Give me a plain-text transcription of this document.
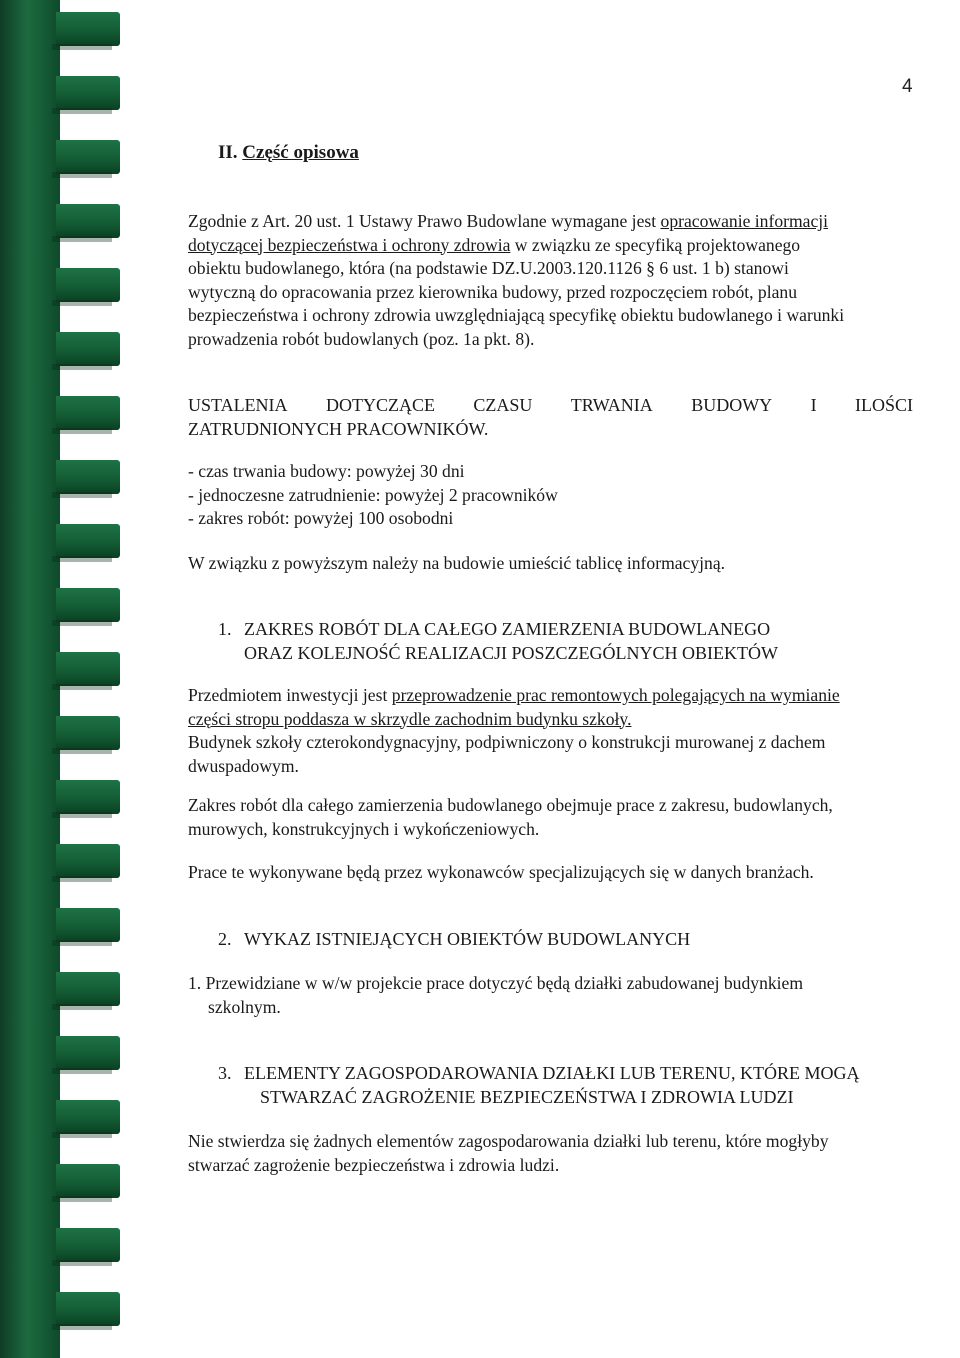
4
II. Część opisowa
Zgodnie z Art. 20 ust. 1 Ustawy Prawo Budowlane wymagane jest opracowanie informacji
dotyczącej bezpieczeństwa i ochrony zdrowia w związku ze specyfiką projektowanego
obiektu budowlanego, która (na podstawie DZ.U.2003.120.1126 § 6 ust. 1 b) stanowi
wytyczną do opracowania przez kierownika budowy, przed rozpoczęciem robót, planu
bezpieczeństwa i ochrony zdrowia uwzględniającą specyfikę obiektu budowlanego i warunki
prowadzenia robót budowlanych (poz. 1a pkt. 8).
USTALENIA DOTYCZĄCE CZASU TRWANIA BUDOWY I ILOŚCI
ZATRUDNIONYCH PRACOWNIKÓW.
- czas trwania budowy: powyżej 30 dni
- jednoczesne zatrudnienie: powyżej 2 pracowników
- zakres robót: powyżej 100 osobodni
W związku z powyższym należy na budowie umieścić tablicę informacyjną.
1. ZAKRES ROBÓT DLA CAŁEGO ZAMIERZENIA BUDOWLANEGO
ORAZ KOLEJNOŚĆ REALIZACJI POSZCZEGÓLNYCH OBIEKTÓW
Przedmiotem inwestycji jest przeprowadzenie prac remontowych polegających na wymianie
części stropu poddasza w skrzydle zachodnim budynku szkoły.
Budynek szkoły czterokondygnacyjny, podpiwniczony o konstrukcji murowanej z dachem
dwuspadowym.
Zakres robót dla całego zamierzenia budowlanego obejmuje prace z zakresu, budowlanych,
murowych, konstrukcyjnych i wykończeniowych.
Prace te wykonywane będą przez wykonawców specjalizujących się w danych branżach.
2. WYKAZ ISTNIEJĄCYCH OBIEKTÓW BUDOWLANYCH
1. Przewidziane w w/w projekcie prace dotyczyć będą działki zabudowanej budynkiem
szkolnym.
3. ELEMENTY ZAGOSPODAROWANIA DZIAŁKI LUB TERENU, KTÓRE MOGĄ
STWARZAĆ ZAGROŻENIE BEZPIECZEŃSTWA I ZDROWIA LUDZI
Nie stwierdza się żadnych elementów zagospodarowania działki lub terenu, które mogłyby
stwarzać zagrożenie bezpieczeństwa i zdrowia ludzi.
